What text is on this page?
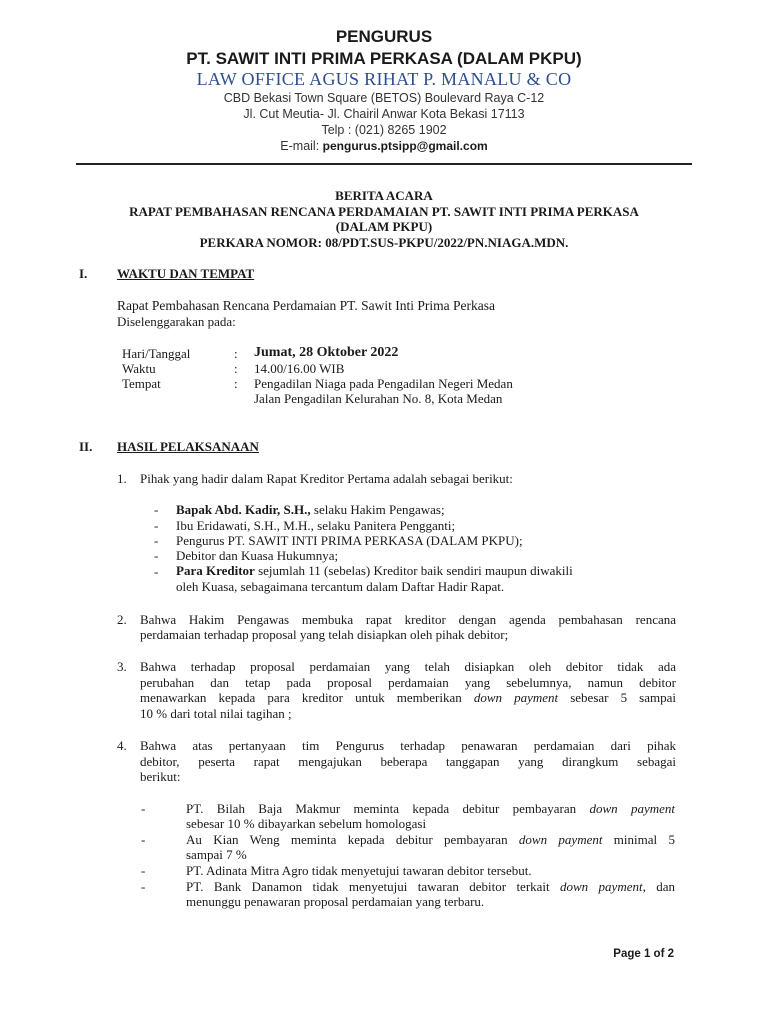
PENGURUS
PT. SAWIT INTI PRIMA PERKASA (DALAM PKPU)
LAW OFFICE AGUS RIHAT P. MANALU & CO
CBD Bekasi Town Square (BETOS) Boulevard Raya C-12
Jl. Cut Meutia- Jl. Chairil Anwar Kota Bekasi 17113
Telp : (021) 8265 1902
E-mail: pengurus.ptsipp@gmail.com
BERITA ACARA
RAPAT PEMBAHASAN RENCANA PERDAMAIAN PT. SAWIT INTI PRIMA PERKASA
(DALAM PKPU)
PERKARA NOMOR: 08/PDT.SUS-PKPU/2022/PN.NIAGA.MDN.
I. WAKTU DAN TEMPAT
Rapat Pembahasan Rencana Perdamaian PT. Sawit Inti Prima Perkasa
Diselenggarakan pada:
Hari/Tanggal	: Jumat, 28 Oktober 2022
Waktu	: 14.00/16.00 WIB
Tempat	: Pengadilan Niaga pada Pengadilan Negeri Medan
Jalan Pengadilan Kelurahan No. 8, Kota Medan
II. HASIL PELAKSANAAN
1. Pihak yang hadir dalam Rapat Kreditor Pertama adalah sebagai berikut:
- Bapak Abd. Kadir, S.H., selaku Hakim Pengawas;
- Ibu Eridawati, S.H., M.H., selaku Panitera Pengganti;
- Pengurus PT. SAWIT INTI PRIMA PERKASA (DALAM PKPU);
- Debitor dan Kuasa Hukumnya;
- Para Kreditor sejumlah 11 (sebelas) Kreditor baik sendiri maupun diwakili
oleh Kuasa, sebagaimana tercantum dalam Daftar Hadir Rapat.
2. Bahwa Hakim Pengawas membuka rapat kreditor dengan agenda pembahasan rencana
perdamaian terhadap proposal yang telah disiapkan oleh pihak debitor;
3. Bahwa terhadap proposal perdamaian yang telah disiapkan oleh debitor tidak ada
perubahan dan tetap pada proposal perdamaian yang sebelumnya, namun debitor
menawarkan kepada para kreditor untuk memberikan down payment sebesar 5 sampai
10 % dari total nilai tagihan ;
4. Bahwa atas pertanyaan tim Pengurus terhadap penawaran perdamaian dari pihak
debitor, peserta rapat mengajukan beberapa tanggapan yang dirangkum sebagai
berikut:
-	PT. Bilah Baja Makmur meminta kepada debitur pembayaran down payment
sebesar 10 % dibayarkan sebelum homologasi
-	Au Kian Weng meminta kepada debitur pembayaran down payment minimal 5
sampai 7 %
-	PT. Adinata Mitra Agro tidak menyetujui tawaran debitor tersebut.
-	PT. Bank Danamon tidak menyetujui tawaran debitor terkait down payment, dan
menunggu penawaran proposal perdamaian yang terbaru.
Page 1 of 2
